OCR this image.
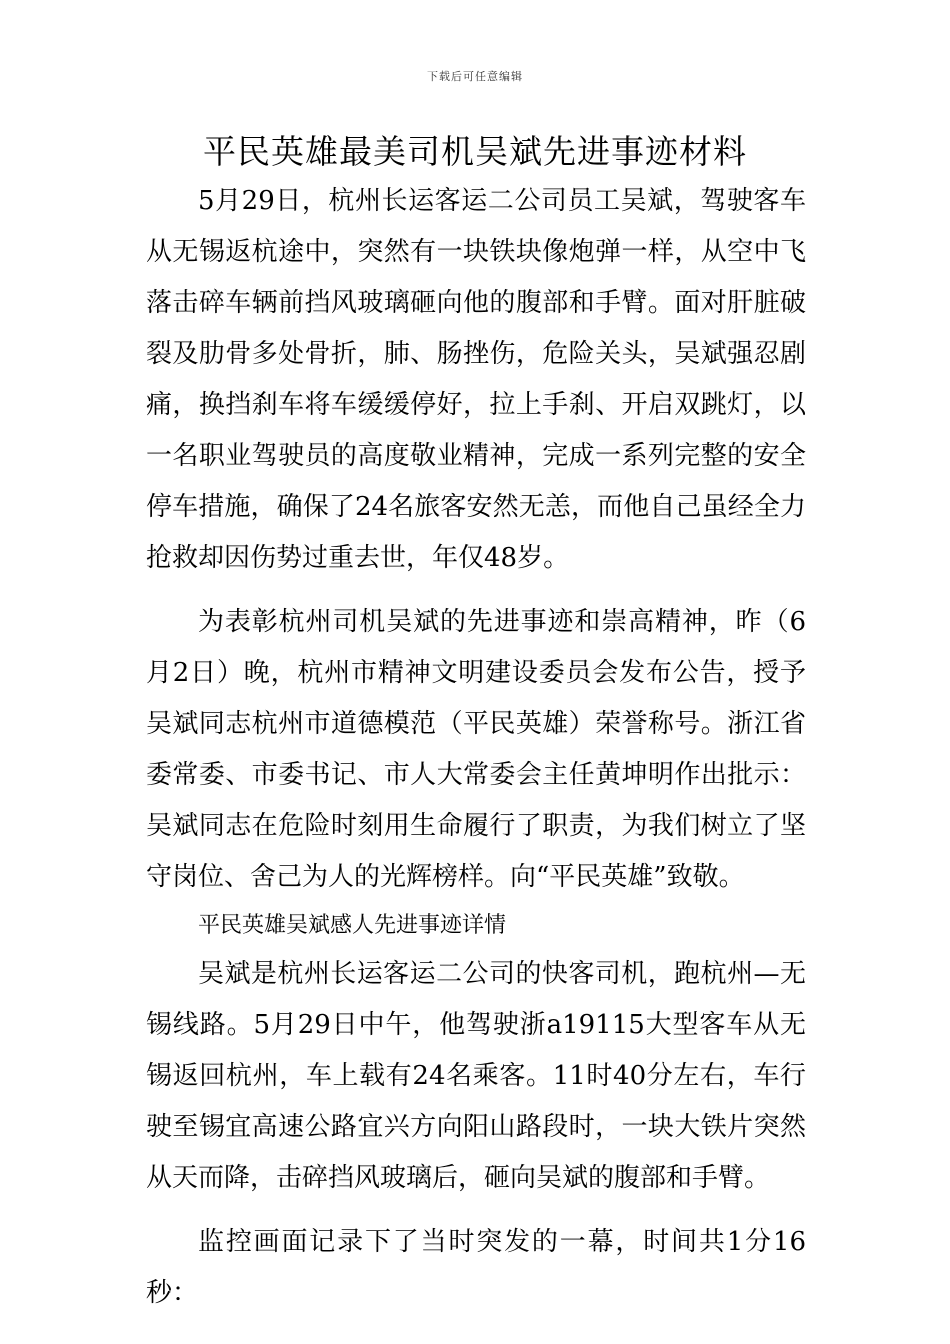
下载后可任意编辑
平民英雄最美司机吴斌先进事迹材料

5月29日，杭州长运客运二公司员工吴斌，驾驶客车从无锡返杭途中，突然有一块铁块像炮弹一样，从空中飞落击碎车辆前挡风玻璃砸向他的腹部和手臂。面对肝脏破裂及肋骨多处骨折，肺、肠挫伤，危险关头，吴斌强忍剧痛，换挡刹车将车缓缓停好，拉上手刹、开启双跳灯，以一名职业驾驶员的高度敬业精神，完成一系列完整的安全停车措施，确保了24名旅客安然无恙，而他自己虽经全力抢救却因伤势过重去世，年仅48岁。

为表彰杭州司机吴斌的先进事迹和崇高精神，昨（6月2日）晚，杭州市精神文明建设委员会发布公告，授予吴斌同志杭州市道德模范（平民英雄）荣誉称号。浙江省委常委、市委书记、市人大常委会主任黄坤明作出批示：吴斌同志在危险时刻用生命履行了职责，为我们树立了坚守岗位、舍己为人的光辉榜样。向“平民英雄”致敬。

平民英雄吴斌感人先进事迹详情

吴斌是杭州长运客运二公司的快客司机，跑杭州—无锡线路。5月29日中午，他驾驶浙a19115大型客车从无锡返回杭州，车上载有24名乘客。11时40分左右，车行驶至锡宜高速公路宜兴方向阳山路段时，一块大铁片突然从天而降，击碎挡风玻璃后，砸向吴斌的腹部和手臂。

监控画面记录下了当时突发的一幕，时间共1分16秒：
